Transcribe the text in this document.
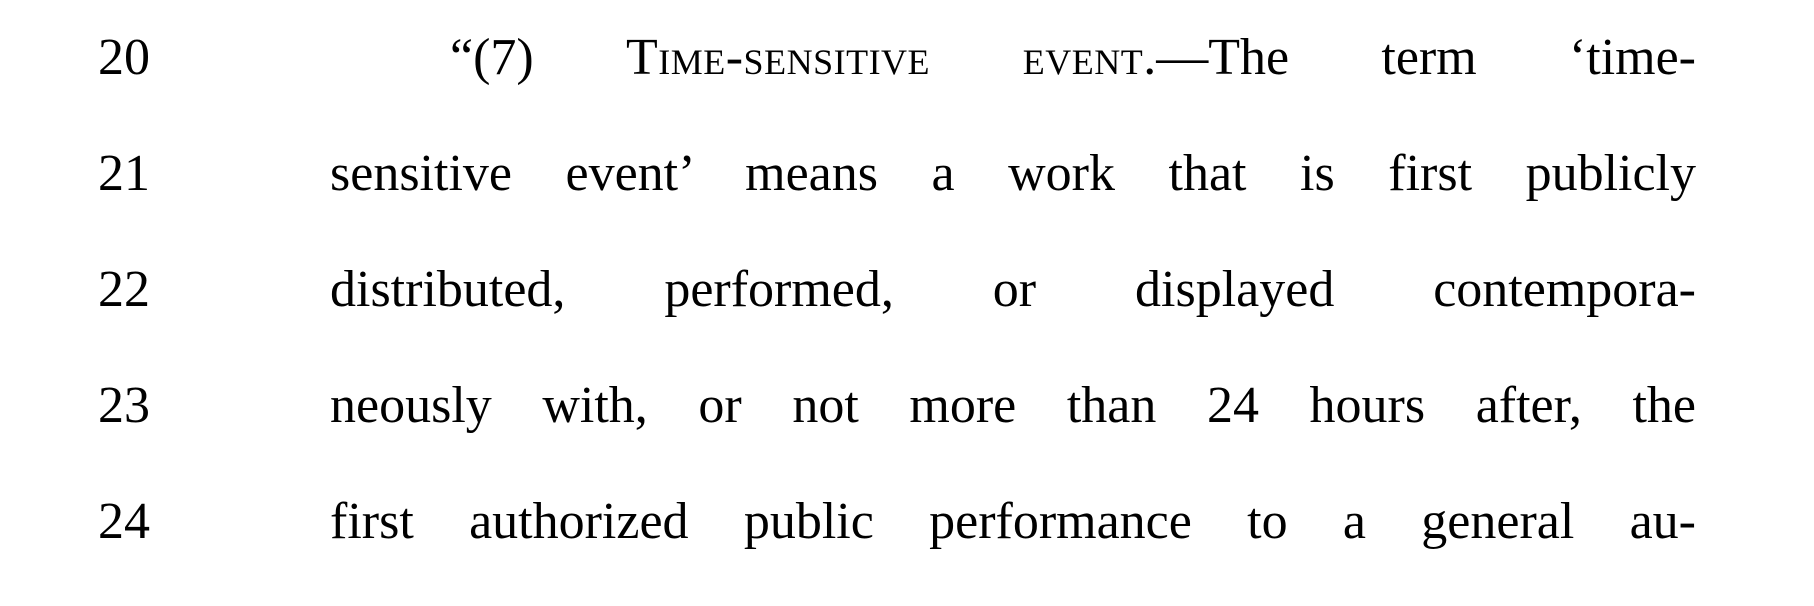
20	“(7) Time-sensitive event.—The term ‘time-
21	sensitive event’ means a work that is first publicly
22	distributed, performed, or displayed contempora-
23	neously with, or not more than 24 hours after, the
24	first authorized public performance to a general au-
